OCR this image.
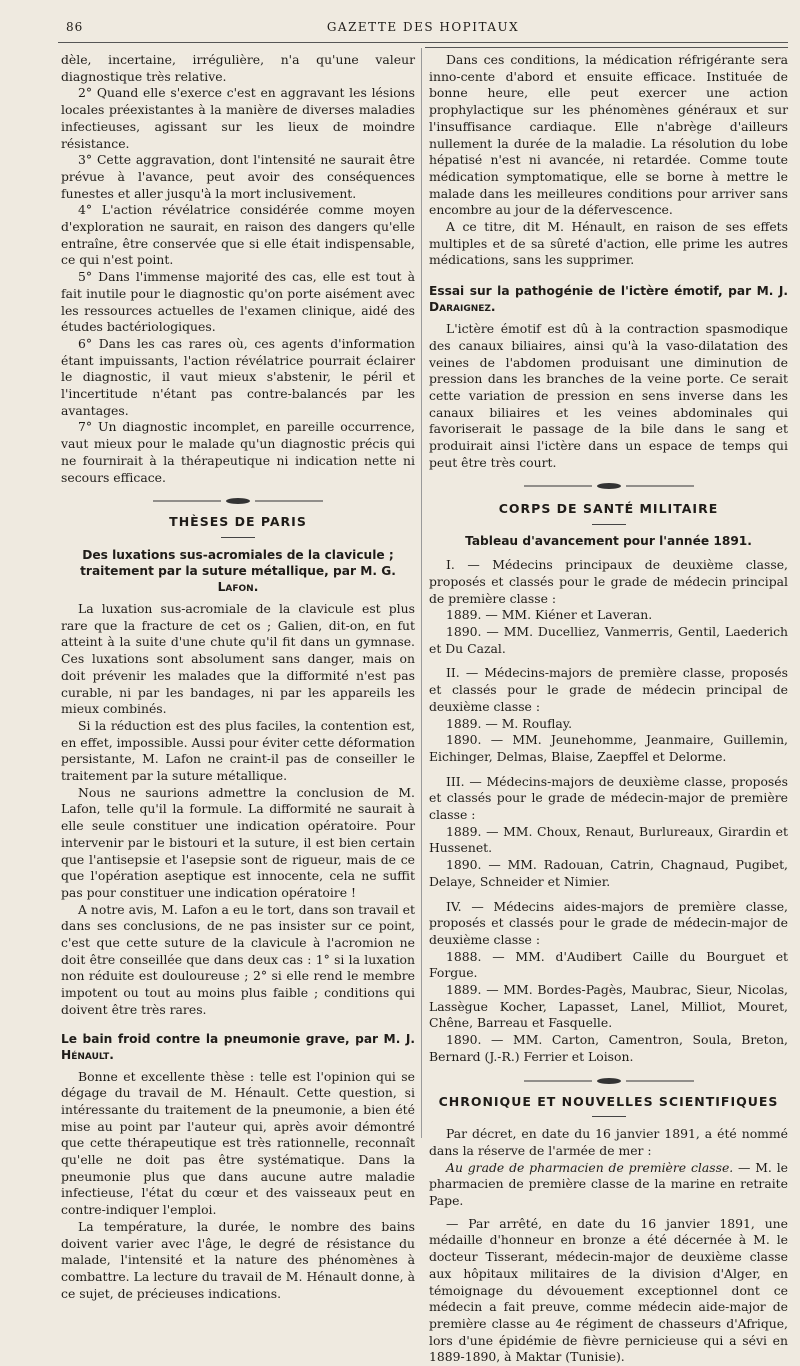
86	GAZETTE DES HOPITAUX

dèle, incertaine, irrégulière, n'a qu'une valeur diagnostique très relative.

2° Quand elle s'exerce c'est en aggravant les lésions locales préexistantes à la manière de diverses maladies infectieuses, agissant sur les lieux de moindre résistance.

3° Cette aggravation, dont l'intensité ne saurait être prévue à l'avance, peut avoir des conséquences funestes et aller jusqu'à la mort inclusivement.

4° L'action révélatrice considérée comme moyen d'exploration ne saurait, en raison des dangers qu'elle entraîne, être conservée que si elle était indispensable, ce qui n'est point.

5° Dans l'immense majorité des cas, elle est tout à fait inutile pour le diagnostic qu'on porte aisément avec les ressources actuelles de l'examen clinique, aidé des études bactériologiques.

6° Dans les cas rares où, ces agents d'information étant impuissants, l'action révélatrice pourrait éclairer le diagnostic, il vaut mieux s'abstenir, le péril et l'incertitude n'étant pas contre-balancés par les avantages.

7° Un diagnostic incomplet, en pareille occurrence, vaut mieux pour le malade qu'un diagnostic précis qui ne fournirait à la thérapeutique ni indication nette ni secours efficace.

THÈSES DE PARIS

Des luxations sus-acromiales de la clavicule ; traitement par la suture métallique, par M. G. Lafon.

La luxation sus-acromiale de la clavicule est plus rare que la fracture de cet os ; Galien, dit-on, en fut atteint à la suite d'une chute qu'il fit dans un gymnase. Ces luxations sont absolument sans danger, mais on doit prévenir les malades que la difformité n'est pas curable, ni par les bandages, ni par les appareils les mieux combinés.

Si la réduction est des plus faciles, la contention est, en effet, impossible. Aussi pour éviter cette déformation persistante, M. Lafon ne craint-il pas de conseiller le traitement par la suture métallique.

Nous ne saurions admettre la conclusion de M. Lafon, telle qu'il la formule. La difformité ne saurait à elle seule constituer une indication opératoire. Pour intervenir par le bistouri et la suture, il est bien certain que l'antisepsie et l'asepsie sont de rigueur, mais de ce que l'opération aseptique est innocente, cela ne suffit pas pour constituer une indication opératoire !

A notre avis, M. Lafon a eu le tort, dans son travail et dans ses conclusions, de ne pas insister sur ce point, c'est que cette suture de la clavicule à l'acromion ne doit être conseillée que dans deux cas : 1° si la luxation non réduite est douloureuse ; 2° si elle rend le membre impotent ou tout au moins plus faible ; conditions qui doivent être très rares.

Le bain froid contre la pneumonie grave, par M. J. Hénault.

Bonne et excellente thèse : telle est l'opinion qui se dégage du travail de M. Hénault. Cette question, si intéressante du traitement de la pneumonie, a bien été mise au point par l'auteur qui, après avoir démontré que cette thérapeutique est très rationnelle, reconnaît qu'elle ne doit pas être systématique. Dans la pneumonie plus que dans aucune autre maladie infectieuse, l'état du cœur et des vaisseaux peut en contre-indiquer l'emploi.

La température, la durée, le nombre des bains doivent varier avec l'âge, le degré de résistance du malade, l'intensité et la nature des phénomènes à combattre. La lecture du travail de M. Hénault donne, à ce sujet, de précieuses indications.

Dans ces conditions, la médication réfrigérante sera inno-cente d'abord et ensuite efficace. Instituée de bonne heure, elle peut exercer une action prophylactique sur les phénomènes généraux et sur l'insuffisance cardiaque. Elle n'abrège d'ailleurs nullement la durée de la maladie. La résolution du lobe hépatisé n'est ni avancée, ni retardée. Comme toute médication symptomatique, elle se borne à mettre le malade dans les meilleures conditions pour arriver sans encombre au jour de la défervescence.

A ce titre, dit M. Hénault, en raison de ses effets multiples et de sa sûreté d'action, elle prime les autres médications, sans les supprimer.

Essai sur la pathogénie de l'ictère émotif, par M. J. Daraignez.

L'ictère émotif est dû à la contraction spasmodique des canaux biliaires, ainsi qu'à la vaso-dilatation des veines de l'abdomen produisant une diminution de pression dans les branches de la veine porte. Ce serait cette variation de pression en sens inverse dans les canaux biliaires et les veines abdominales qui favoriserait le passage de la bile dans le sang et produirait ainsi l'ictère dans un espace de temps qui peut être très court.

CORPS DE SANTÉ MILITAIRE

Tableau d'avancement pour l'année 1891.

I. — Médecins principaux de deuxième classe, proposés et classés pour le grade de médecin principal de première classe :

1889. — MM. Kiéner et Laveran.

1890. — MM. Ducelliez, Vanmerris, Gentil, Laederich et Du Cazal.

II. — Médecins-majors de première classe, proposés et classés pour le grade de médecin principal de deuxième classe :

1889. — M. Rouflay.

1890. — MM. Jeunehomme, Jeanmaire, Guillemin, Eichinger, Delmas, Blaise, Zaepffel et Delorme.

III. — Médecins-majors de deuxième classe, proposés et classés pour le grade de médecin-major de première classe :

1889. — MM. Choux, Renaut, Burlureaux, Girardin et Hussenet.

1890. — MM. Radouan, Catrin, Chagnaud, Pugibet, Delaye, Schneider et Nimier.

IV. — Médecins aides-majors de première classe, proposés et classés pour le grade de médecin-major de deuxième classe :

1888. — MM. d'Audibert Caille du Bourguet et Forgue.

1889. — MM. Bordes-Pagès, Maubrac, Sieur, Nicolas, Lassègue Kocher, Lapasset, Lanel, Milliot, Mouret, Chêne, Barreau et Fasquelle.

1890. — MM. Carton, Camentron, Soula, Breton, Bernard (J.-R.) Ferrier et Loison.

CHRONIQUE ET NOUVELLES SCIENTIFIQUES

Par décret, en date du 16 janvier 1891, a été nommé dans la réserve de l'armée de mer :

Au grade de pharmacien de première classe. — M. le pharmacien de première classe de la marine en retraite Pape.

— Par arrêté, en date du 16 janvier 1891, une médaille d'honneur en bronze a été décernée à M. le docteur Tisserant, médecin-major de deuxième classe aux hôpitaux militaires de la division d'Alger, en témoignage du dévouement exceptionnel dont ce médecin a fait preuve, comme médecin aide-major de première classe au 4e régiment de chasseurs d'Afrique, lors d'une épidémie de fièvre pernicieuse qui a sévi en 1889-1890, à Maktar (Tunisie).
